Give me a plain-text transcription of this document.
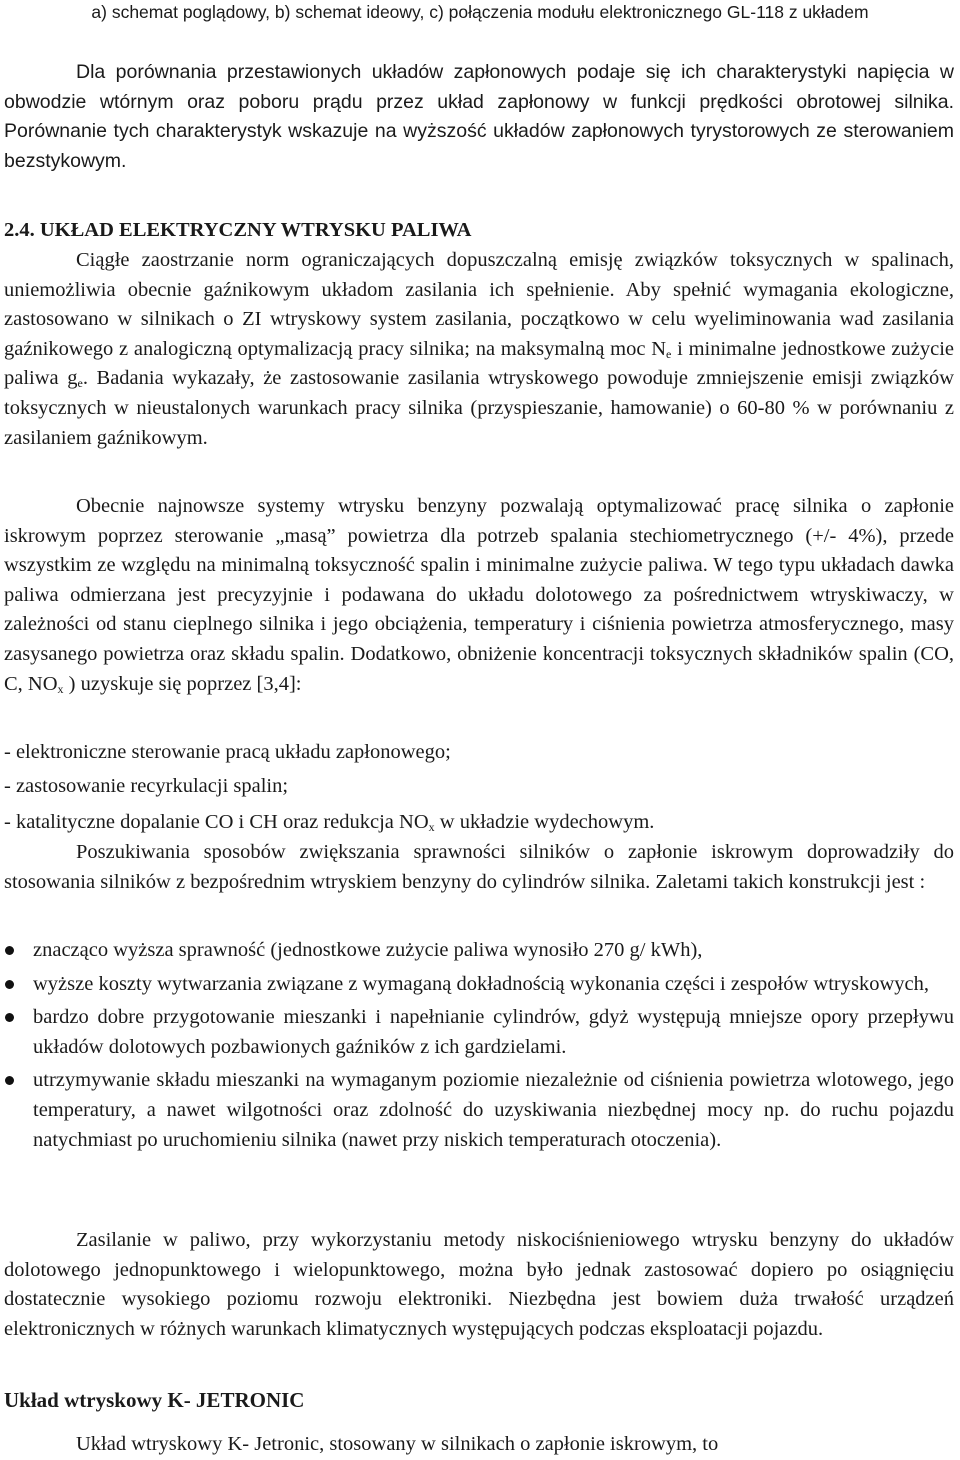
a) schemat poglądowy, b) schemat ideowy, c) połączenia modułu elektronicznego GL-118 z układem

Dla porównania przestawionych układów zapłonowych podaje się ich charakterystyki napięcia w obwodzie wtórnym oraz poboru prądu przez układ zapłonowy w funkcji prędkości obrotowej silnika. Porównanie tych charakterystyk wskazuje na wyższość układów zapłonowych tyrystorowych ze sterowaniem bezstykowym.

2.4. UKŁAD ELEKTRYCZNY WTRYSKU PALIWA

Ciągłe zaostrzanie norm ograniczających dopuszczalną emisję związków toksycznych w spalinach, uniemożliwia obecnie gaźnikowym układom zasilania ich spełnienie. Aby spełnić wymagania ekologiczne, zastosowano w silnikach o ZI wtryskowy system zasilania, początkowo w celu wyeliminowania wad zasilania gaźnikowego z analogiczną optymalizacją pracy silnika; na maksymalną moc $N_e$ i minimalne jednostkowe zużycie paliwa $g_e$. Badania wykazały, że zastosowanie zasilania wtryskowego powoduje zmniejszenie emisji związków toksycznych w nieustalonych warunkach pracy silnika (przyspieszanie, hamowanie) o 60-80 % w porównaniu z zasilaniem gaźnikowym.

Obecnie najnowsze systemy wtrysku benzyny pozwalają optymalizować pracę silnika o zapłonie iskrowym poprzez sterowanie „masą” powietrza dla potrzeb spalania stechiometrycznego (+/- 4%), przede wszystkim ze względu na minimalną toksyczność spalin i minimalne zużycie paliwa. W tego typu układach dawka paliwa odmierzana jest precyzyjnie i podawana do układu dolotowego za pośrednictwem wtryskiwaczy, w zależności od stanu cieplnego silnika i jego obciążenia, temperatury i ciśnienia powietrza atmosferycznego, masy zasysanego powietrza oraz składu spalin. Dodatkowo, obniżenie koncentracji toksycznych składników spalin (CO, C, $NO_x$ ) uzyskuje się poprzez [3,4]:

- elektroniczne sterowanie pracą układu zapłonowego;

- zastosowanie recyrkulacji spalin;

- katalityczne dopalanie CO i CH oraz redukcja $NO_x$ w układzie wydechowym.

Poszukiwania sposobów zwiększania sprawności silników o zapłonie iskrowym doprowadziły do stosowania silników z bezpośrednim wtryskiem benzyny do cylindrów silnika. Zaletami takich konstrukcji jest :

znacząco wyższa sprawność (jednostkowe zużycie paliwa wynosiło 270 g/ kWh),
wyższe koszty wytwarzania związane z wymaganą dokładnością wykonania części i zespołów wtryskowych,
bardzo dobre przygotowanie mieszanki i napełnianie cylindrów, gdyż występują mniejsze opory przepływu układów dolotowych pozbawionych gaźników z ich gardzielami.
utrzymywanie składu mieszanki na wymaganym poziomie niezależnie od ciśnienia powietrza wlotowego, jego temperatury, a nawet wilgotności oraz zdolność do uzyskiwania niezbędnej mocy np. do ruchu pojazdu natychmiast po uruchomieniu silnika (nawet przy niskich temperaturach otoczenia).

Zasilanie w paliwo, przy wykorzystaniu metody niskociśnieniowego wtrysku benzyny do układów dolotowego jednopunktowego i wielopunktowego, można było jednak zastosować dopiero po osiągnięciu dostatecznie wysokiego poziomu rozwoju elektroniki. Niezbędna jest bowiem duża trwałość urządzeń elektronicznych w różnych warunkach klimatycznych występujących podczas eksploatacji pojazdu.

Układ wtryskowy K- JETRONIC

Układ wtryskowy K- Jetronic, stosowany w silnikach o zapłonie iskrowym, to
